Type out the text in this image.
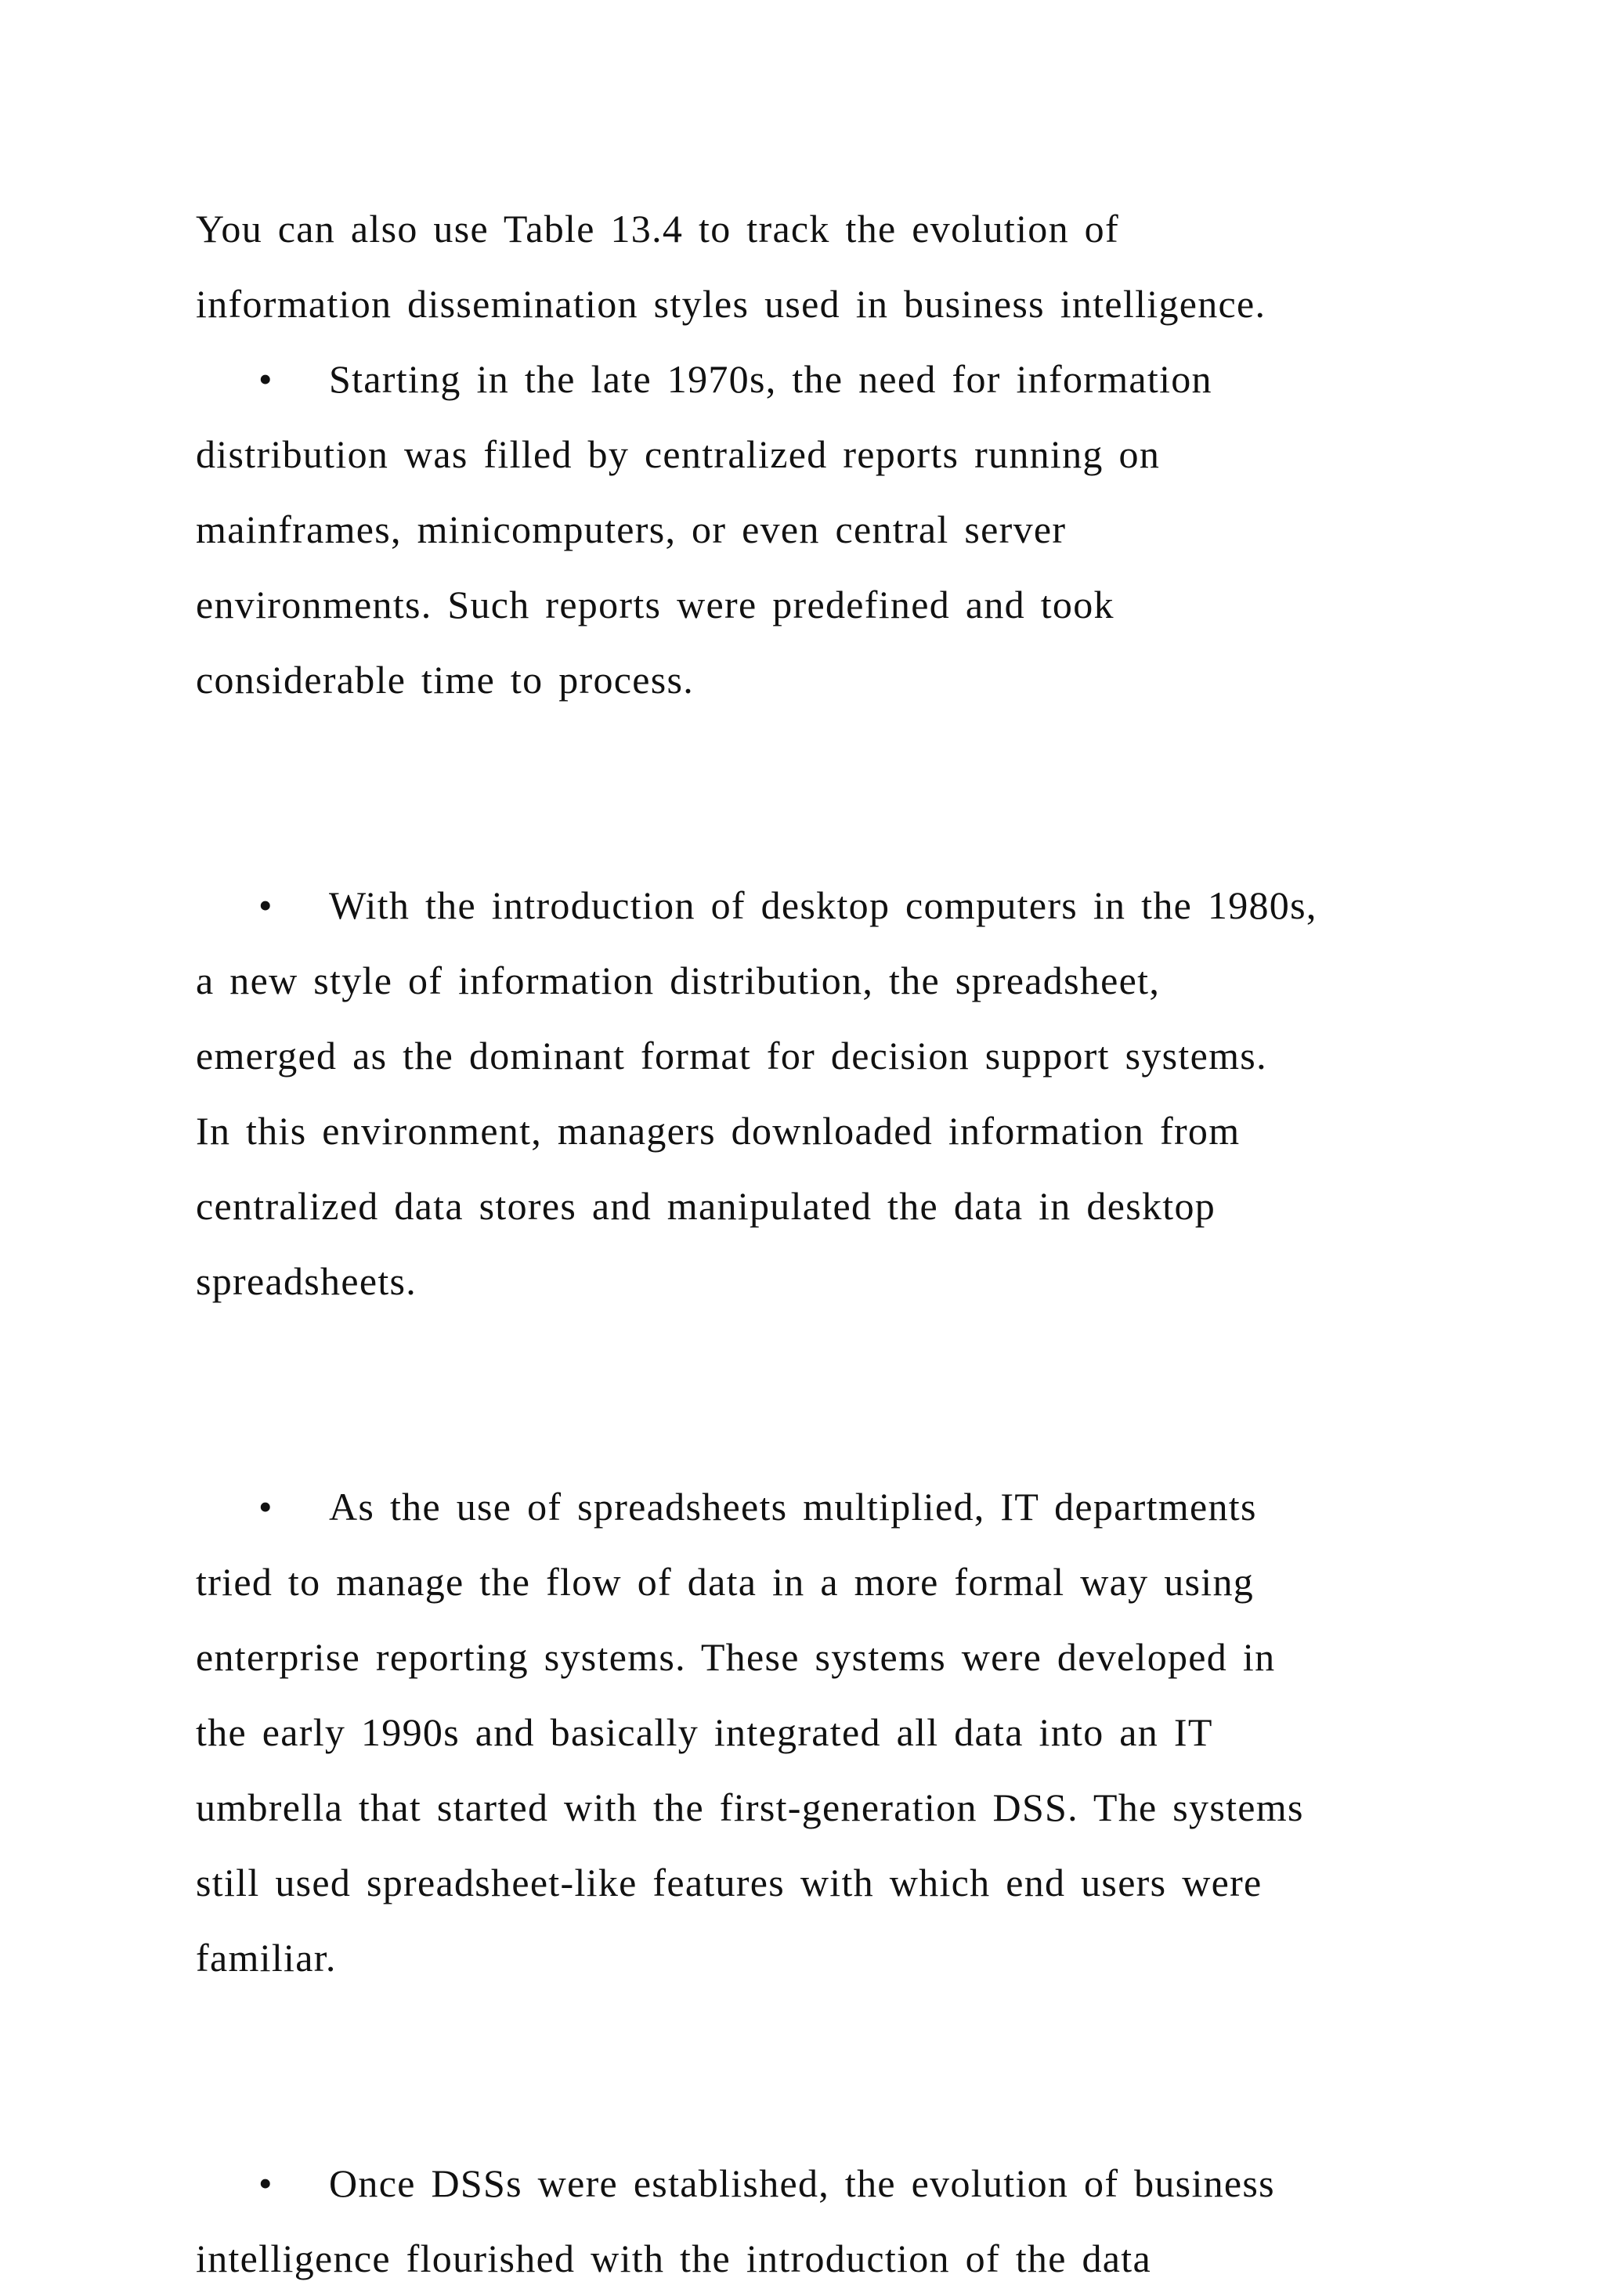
You can also use Table 13.4 to track the evolution of
information dissemination styles used in business intelligence.
• Starting in the late 1970s, the need for information
distribution was filled by centralized reports running on
mainframes, minicomputers, or even central server
environments. Such reports were predefined and took
considerable time to process.
• With the introduction of desktop computers in the 1980s,
a new style of information distribution, the spreadsheet,
emerged as the dominant format for decision support systems.
In this environment, managers downloaded information from
centralized data stores and manipulated the data in desktop
spreadsheets.
• As the use of spreadsheets multiplied, IT departments
tried to manage the flow of data in a more formal way using
enterprise reporting systems. These systems were developed in
the early 1990s and basically integrated all data into an IT
umbrella that started with the first-generation DSS. The systems
still used spreadsheet-like features with which end users were
familiar.
• Once DSSs were established, the evolution of business
intelligence flourished with the introduction of the data
